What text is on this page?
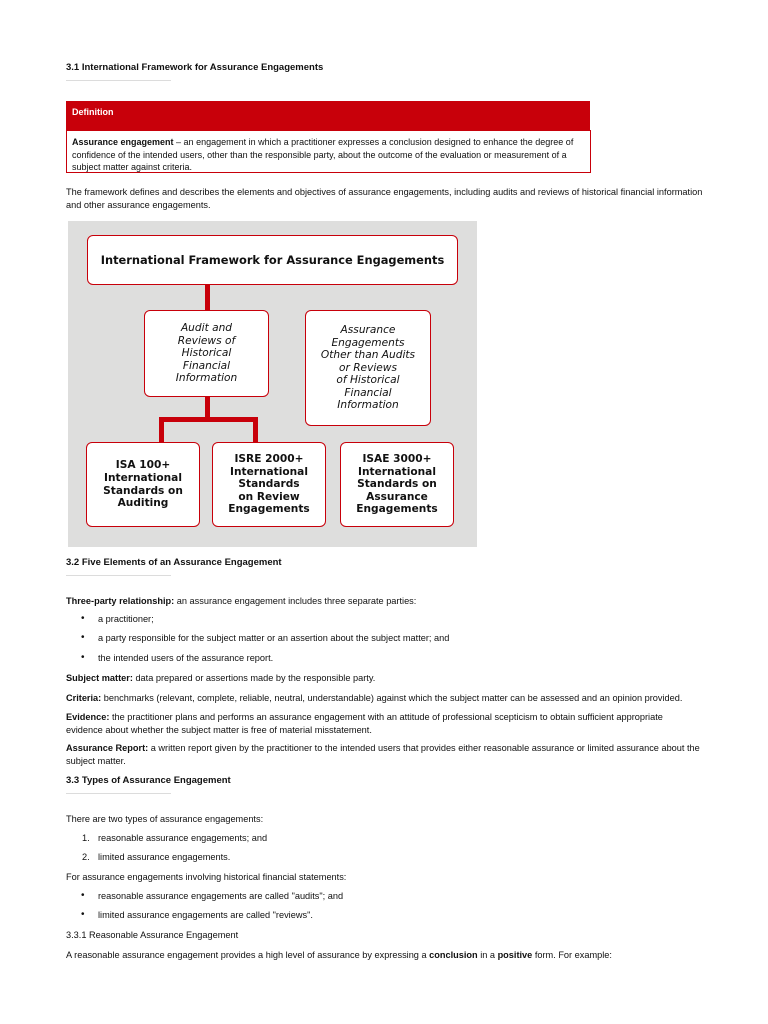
3.1 International Framework for Assurance Engagements
Definition
Assurance engagement – an engagement in which a practitioner expresses a conclusion designed to enhance the degree of
confidence of the intended users, other than the responsible party, about the outcome of the evaluation or measurement of a
subject matter against criteria.
The framework defines and describes the elements and objectives of assurance engagements, including audits and reviews of historical financial information
and other assurance engagements.
International Framework for Assurance Engagements
Audit and
Reviews of
Historical
Financial
Information
Assurance
Engagements
Other than Audits
or Reviews
of Historical
Financial
Information
ISA 100+
International
Standards on
Auditing
ISRE 2000+
International
Standards
on Review
Engagements
ISAE 3000+
International
Standards on
Assurance
Engagements
3.2 Five Elements of an Assurance Engagement
Three-party relationship: an assurance engagement includes three separate parties:
• a practitioner;
• a party responsible for the subject matter or an assertion about the subject matter; and
• the intended users of the assurance report.
Subject matter: data prepared or assertions made by the responsible party.
Criteria: benchmarks (relevant, complete, reliable, neutral, understandable) against which the subject matter can be assessed and an opinion provided.
Evidence: the practitioner plans and performs an assurance engagement with an attitude of professional scepticism to obtain sufficient appropriate
evidence about whether the subject matter is free of material misstatement.
Assurance Report: a written report given by the practitioner to the intended users that provides either reasonable assurance or limited assurance about the
subject matter.
3.3 Types of Assurance Engagement
There are two types of assurance engagements:
1. reasonable assurance engagements; and
2. limited assurance engagements.
For assurance engagements involving historical financial statements:
• reasonable assurance engagements are called "audits"; and
• limited assurance engagements are called "reviews".
3.3.1 Reasonable Assurance Engagement
A reasonable assurance engagement provides a high level of assurance by expressing a conclusion in a positive form. For example:
